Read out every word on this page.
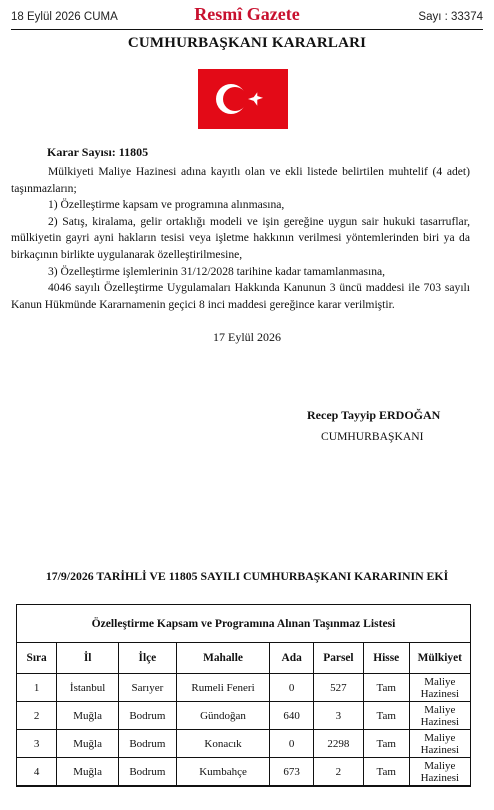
18 Eylül 2026 CUMA	Resmî Gazete	Sayı : 33374
CUMHURBAŞKANI KARARLARI
Karar Sayısı: 11805

Mülkiyeti Maliye Hazinesi adına kayıtlı olan ve ekli listede belirtilen muhtelif (4 adet) taşınmazların;

1) Özelleştirme kapsam ve programına alınmasına,

2) Satış, kiralama, gelir ortaklığı modeli ve işin gereğine uygun sair hukuki tasarruflar, mülkiyetin gayri ayni hakların tesisi veya işletme hakkının verilmesi yöntemlerinden biri ya da birkaçının birlikte uygulanarak özelleştirilmesine,

3) Özelleştirme işlemlerinin 31/12/2028 tarihine kadar tamamlanmasına,

4046 sayılı Özelleştirme Uygulamaları Hakkında Kanunun 3 üncü maddesi ile 703 sayılı Kanun Hükmünde Kararnamenin geçici 8 inci maddesi gereğince karar verilmiştir.

17 Eylül 2026
Recep Tayyip ERDOĞAN
CUMHURBAŞKANI
17/9/2026 TARİHLİ VE 11805 SAYILI CUMHURBAŞKANI KARARININ EKİ
Özelleştirme Kapsam ve Programına Alınan Taşınmaz Listesi
Sıra	İl	İlçe	Mahalle	Ada	Parsel	Hisse	Mülkiyet
1	İstanbul	Sarıyer	Rumeli Feneri	0	527	Tam	Maliye Hazinesi
2	Muğla	Bodrum	Gündoğan	640	3	Tam	Maliye Hazinesi
3	Muğla	Bodrum	Konacık	0	2298	Tam	Maliye Hazinesi
4	Muğla	Bodrum	Kumbahçe	673	2	Tam	Maliye Hazinesi
